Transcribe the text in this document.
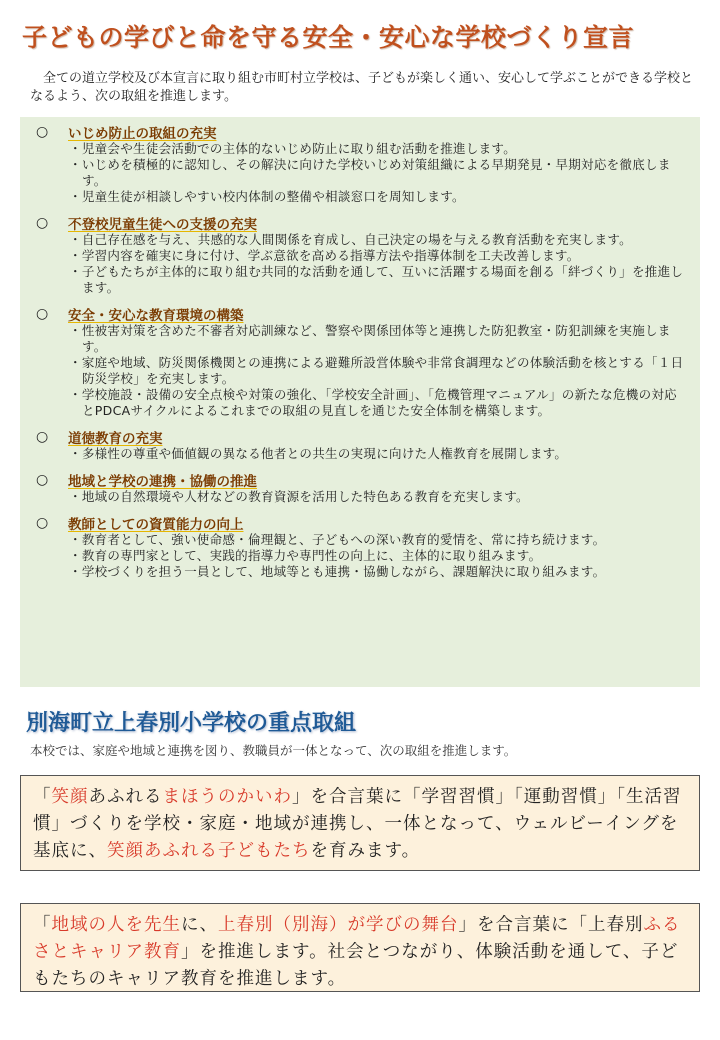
子どもの学びと命を守る安全・安心な学校づくり宣言

全ての道立学校及び本宣言に取り組む市町村立学校は、子どもが楽しく通い、安心して学ぶことができる学校となるよう、次の取組を推進します。

○	いじめ防止の取組の充実
・ 児童会や生徒会活動での主体的ないじめ防止に取り組む活動を推進します。
・ いじめを積極的に認知し、その解決に向けた学校いじめ対策組織による早期発見・早期対応を徹底します。
・ 児童生徒が相談しやすい校内体制の整備や相談窓口を周知します。
○	不登校児童生徒への支援の充実
・ 自己存在感を与え、共感的な人間関係を育成し、自己決定の場を与える教育活動を充実します。
・ 学習内容を確実に身に付け、学ぶ意欲を高める指導方法や指導体制を工夫改善します。
・ 子どもたちが主体的に取り組む共同的な活動を通して、互いに活躍する場面を創る「絆づくり」を推進します。
○	安全・安心な教育環境の構築
・ 性被害対策を含めた不審者対応訓練など、警察や関係団体等と連携した防犯教室・防犯訓練を実施します。
・ 家庭や地域、防災関係機関との連携による避難所設営体験や非常食調理などの体験活動を核とする「１日防災学校」を充実します。
・ 学校施設・設備の安全点検や対策の強化、「学校安全計画」、「危機管理マニュアル」の新たな危機の対応とPDCAサイクルによるこれまでの取組の見直しを通じた安全体制を構築します。
○	道徳教育の充実
・ 多様性の尊重や価値観の異なる他者との共生の実現に向けた人権教育を展開します。
○	地域と学校の連携・協働の推進
・ 地域の自然環境や人材などの教育資源を活用した特色ある教育を充実します。
○	教師としての資質能力の向上
・ 教育者として、強い使命感・倫理観と、子どもへの深い教育的愛情を、常に持ち続けます。
・ 教育の専門家として、実践的指導力や専門性の向上に、主体的に取り組みます。
・ 学校づくりを担う一員として、地域等とも連携・協働しながら、課題解決に取り組みます。
別海町立上春別小学校の重点取組

本校では、家庭や地域と連携を図り、教職員が一体となって、次の取組を推進します。

「笑顔あふれるまほうのかいわ」を合言葉に「学習習慣」「運動習慣」「生活習慣」づくりを学校・家庭・地域が連携し、一体となって、ウェルビーイングを基底に、笑顔あふれる子どもたちを育みます。
「地域の人を先生に、上春別（別海）が学びの舞台」を合言葉に「上春別ふるさとキャリア教育」を推進します。社会とつながり、体験活動を通して、子どもたちのキャリア教育を推進します。
